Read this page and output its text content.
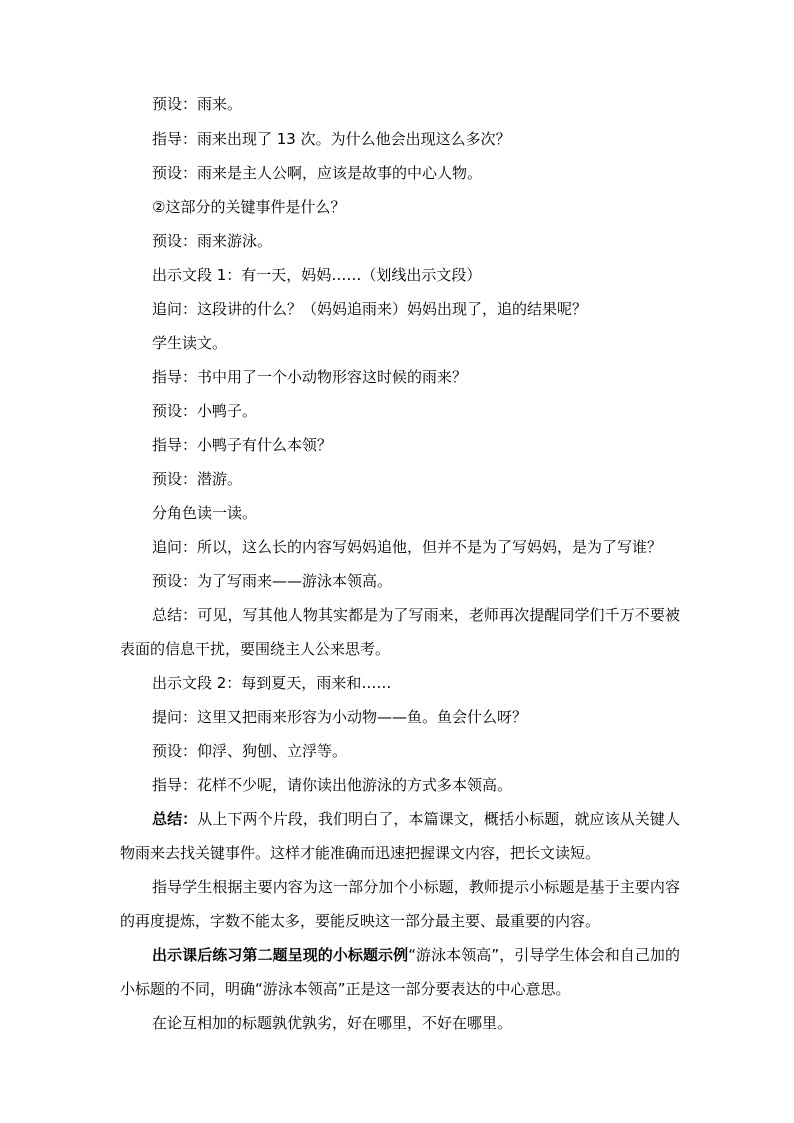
预设：雨来。
指导：雨来出现了 13 次。为什么他会出现这么多次？
预设：雨来是主人公啊，应该是故事的中心人物。
②这部分的关键事件是什么？
预设：雨来游泳。
出示文段 1：有一天，妈妈……（划线出示文段）
追问：这段讲的什么？（妈妈追雨来）妈妈出现了，追的结果呢？
学生读文。
指导：书中用了一个小动物形容这时候的雨来？
预设：小鸭子。
指导：小鸭子有什么本领？
预设：潜游。
分角色读一读。
追问：所以，这么长的内容写妈妈追他，但并不是为了写妈妈，是为了写谁？
预设：为了写雨来——游泳本领高。
总结：可见，写其他人物其实都是为了写雨来，老师再次提醒同学们千万不要被表面的信息干扰，要围绕主人公来思考。
出示文段 2：每到夏天，雨来和……
提问：这里又把雨来形容为小动物——鱼。鱼会什么呀？
预设：仰浮、狗刨、立浮等。
指导：花样不少呢，请你读出他游泳的方式多本领高。
总结：从上下两个片段，我们明白了，本篇课文，概括小标题，就应该从关键人物雨来去找关键事件。这样才能准确而迅速把握课文内容，把长文读短。
指导学生根据主要内容为这一部分加个小标题，教师提示小标题是基于主要内容的再度提炼，字数不能太多，要能反映这一部分最主要、最重要的内容。
出示课后练习第二题呈现的小标题示例“游泳本领高”，引导学生体会和自己加的小标题的不同，明确“游泳本领高”正是这一部分要表达的中心意思。
在论互相加的标题孰优孰劣，好在哪里，不好在哪里。
